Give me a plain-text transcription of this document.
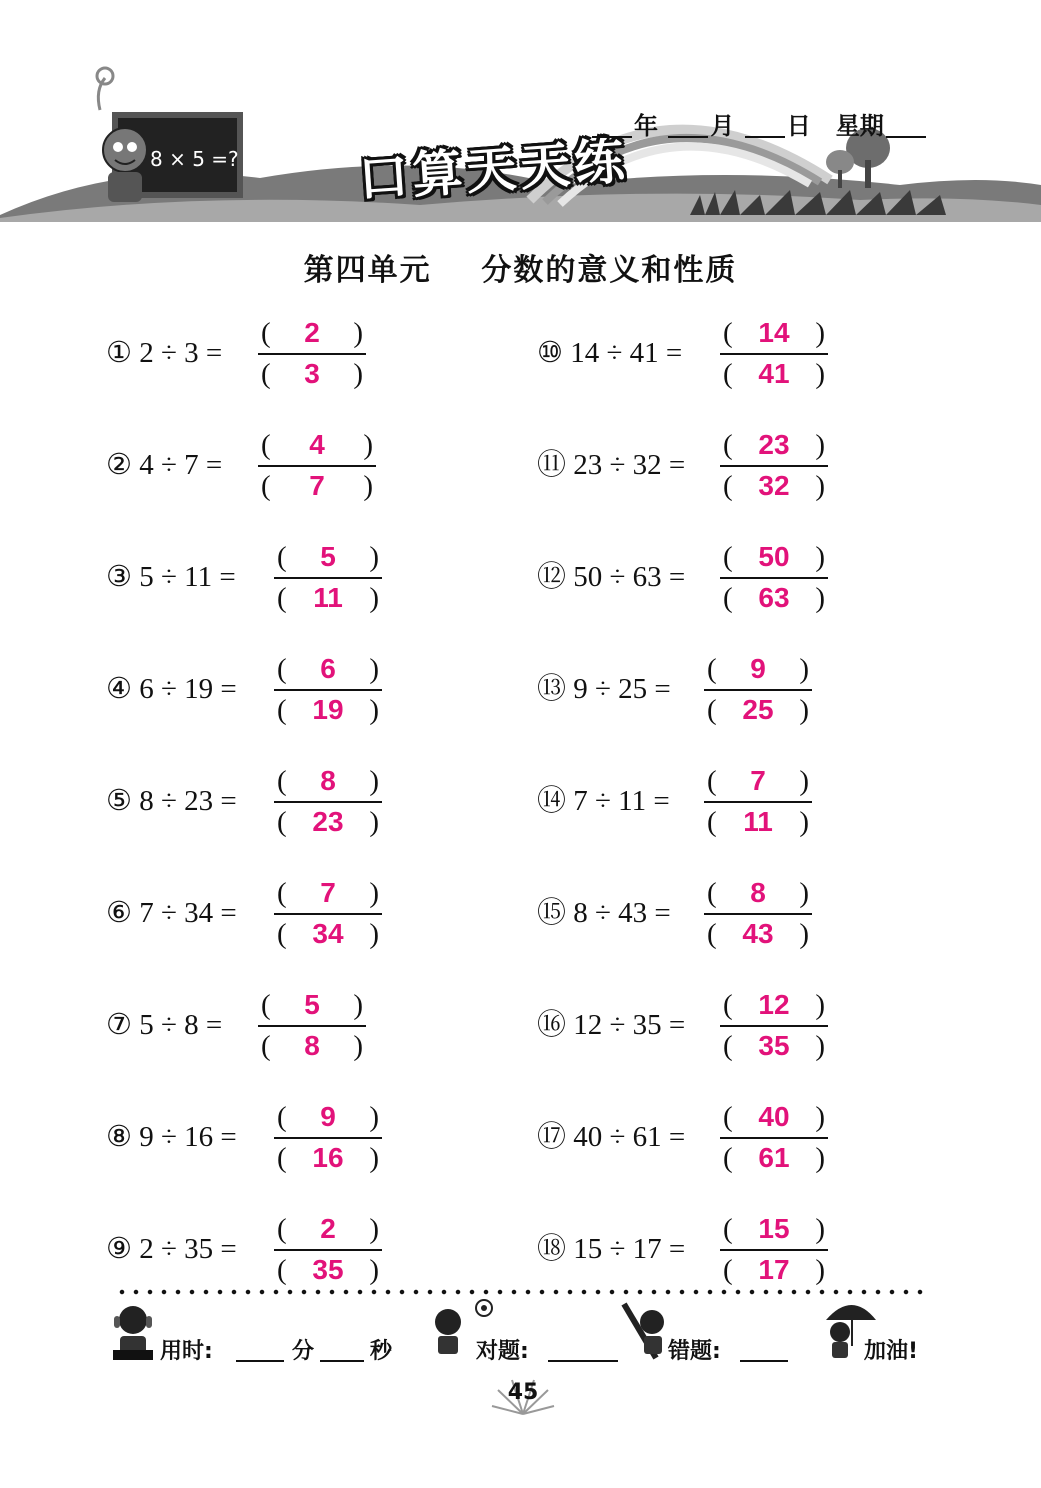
8 × 5 =? 口算天天练
年 月 日 星期
第四单元    分数的意义和性质
① 2 ÷ 3 =
(	2	)
(	3	)
② 4 ÷ 7 =
(	4	)
(	7	)
③ 5 ÷ 11 =
(	5	)
( 11 )
④ 6 ÷ 19 =
(	6	)
( 19 )
⑤ 8 ÷ 23 =
(	8	)
( 23 )
⑥ 7 ÷ 34 =
(	7	)
( 34 )
⑦ 5 ÷ 8 =
(	5	)
(	8	)
⑧ 9 ÷ 16 =
(	9	)
( 16 )
⑨ 2 ÷ 35 =
(	2	)
( 35 )
⑩ 14 ÷ 41 =
( 14 )
( 41 )
⑪ 23 ÷ 32 =
( 23 )
( 32 )
⑫ 50 ÷ 63 =
( 50 )
( 63 )
⑬ 9 ÷ 25 =
(	9	)
( 25 )
⑭ 7 ÷ 11 =
(	7	)
( 11 )
⑮ 8 ÷ 43 =
(	8	)
( 43 )
⑯ 12 ÷ 35 =
( 12 )
( 35 )
⑰ 40 ÷ 61 =
( 40 )
( 61 )
⑱ 15 ÷ 17 =
( 15 )
( 17 )
用时:	分	秒	对题:	错题:	加油!
45
